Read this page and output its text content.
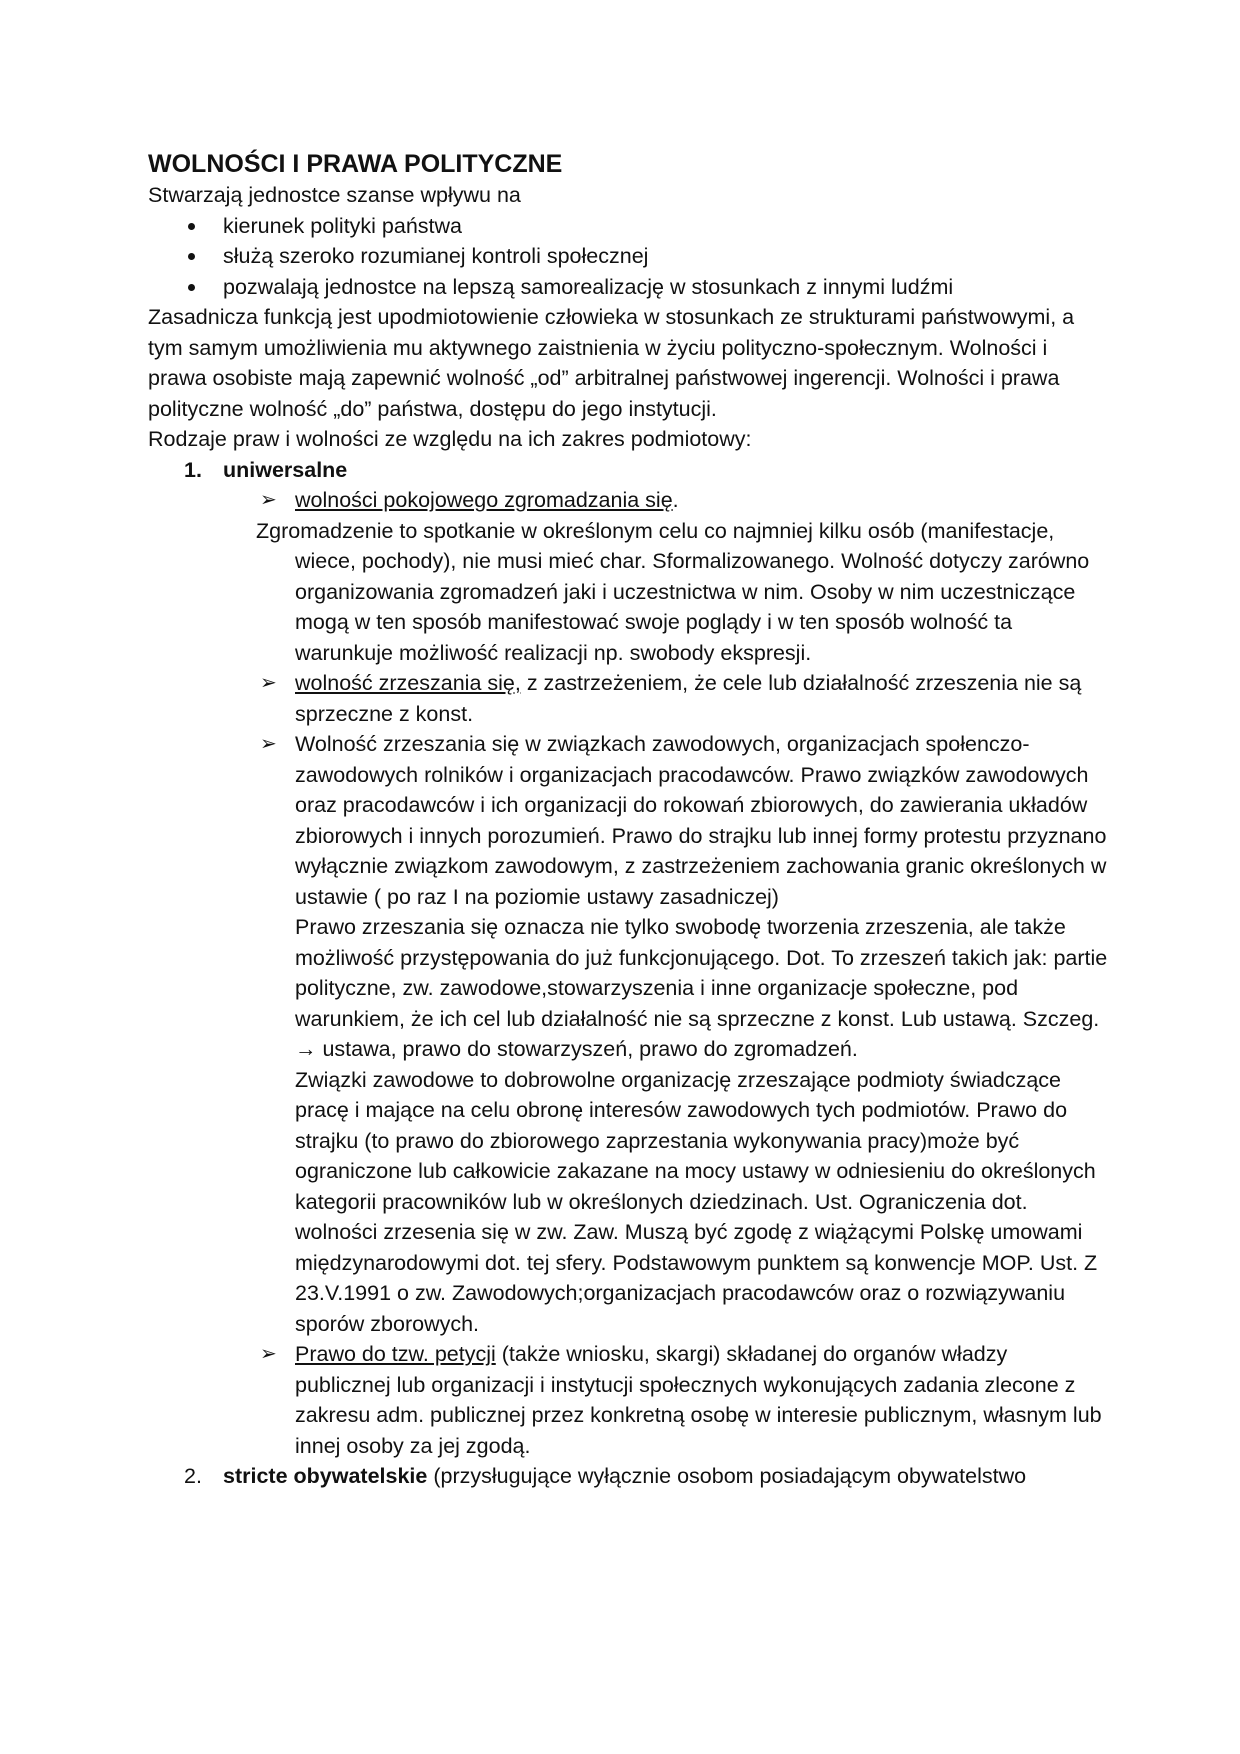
WOLNOŚCI I PRAWA POLITYCZNE

Stwarzają jednostce szanse wpływu na

kierunek polityki państwa
służą szeroko rozumianej kontroli społecznej
pozwalają jednostce na lepszą samorealizację w stosunkach z innymi ludźmi

Zasadnicza funkcją jest upodmiotowienie człowieka w stosunkach ze strukturami państwowymi, a tym samym umożliwienia mu aktywnego zaistnienia w życiu polityczno-społecznym. Wolności i prawa osobiste mają zapewnić wolność „od” arbitralnej państwowej ingerencji. Wolności i prawa polityczne wolność „do” państwa, dostępu do jego instytucji.

Rodzaje praw i wolności ze względu na ich zakres podmiotowy:

1. uniwersalne
➢ wolności pokojowego zgromadzania się.

Zgromadzenie to spotkanie w określonym celu co najmniej kilku osób (manifestacje, wiece, pochody), nie musi mieć char. Sformalizowanego. Wolność dotyczy zarówno organizowania zgromadzeń jaki i uczestnictwa w nim. Osoby w nim uczestniczące mogą w ten sposób manifestować swoje poglądy i w ten sposób wolność ta warunkuje możliwość realizacji np. swobody ekspresji.

➢ wolność zrzeszania się, z zastrzeżeniem, że cele lub działalność zrzeszenia nie są sprzeczne z konst.
➢ Wolność zrzeszania się w związkach zawodowych, organizacjach społenczo-zawodowych rolników i organizacjach pracodawców. Prawo związków zawodowych oraz pracodawców i ich organizacji do rokowań zbiorowych, do zawierania układów zbiorowych i innych porozumień. Prawo do strajku lub innej formy protestu przyznano wyłącznie związkom zawodowym, z zastrzeżeniem zachowania granic określonych w ustawie ( po raz I na poziomie ustawy zasadniczej)

Prawo zrzeszania się oznacza nie tylko swobodę tworzenia zrzeszenia, ale także możliwość przystępowania do już funkcjonującego. Dot. To zrzeszeń takich jak: partie polityczne, zw. zawodowe,stowarzyszenia i inne organizacje społeczne, pod warunkiem, że ich cel lub działalność nie są sprzeczne z konst. Lub ustawą. Szczeg. → ustawa, prawo do stowarzyszeń, prawo do zgromadzeń.

Związki zawodowe to dobrowolne organizację zrzeszające podmioty świadczące pracę i mające na celu obronę interesów zawodowych tych podmiotów. Prawo do strajku (to prawo do zbiorowego zaprzestania wykonywania pracy)może być ograniczone lub całkowicie zakazane na mocy ustawy w odniesieniu do określonych kategorii pracowników lub w określonych dziedzinach. Ust. Ograniczenia dot. wolności zrzesenia się w zw. Zaw. Muszą być zgodę z wiążącymi Polskę umowami międzynarodowymi dot. tej sfery. Podstawowym punktem są konwencje MOP. Ust. Z 23.V.1991 o zw. Zawodowych;organizacjach pracodawców oraz o rozwiązywaniu sporów zborowych.

➢ Prawo do tzw. petycji (także wniosku, skargi) składanej do organów władzy publicznej lub organizacji i instytucji społecznych wykonujących zadania zlecone z zakresu adm. publicznej przez konkretną osobę w interesie publicznym, własnym lub innej osoby za jej zgodą.
2. stricte obywatelskie (przysługujące wyłącznie osobom posiadającym obywatelstwo
